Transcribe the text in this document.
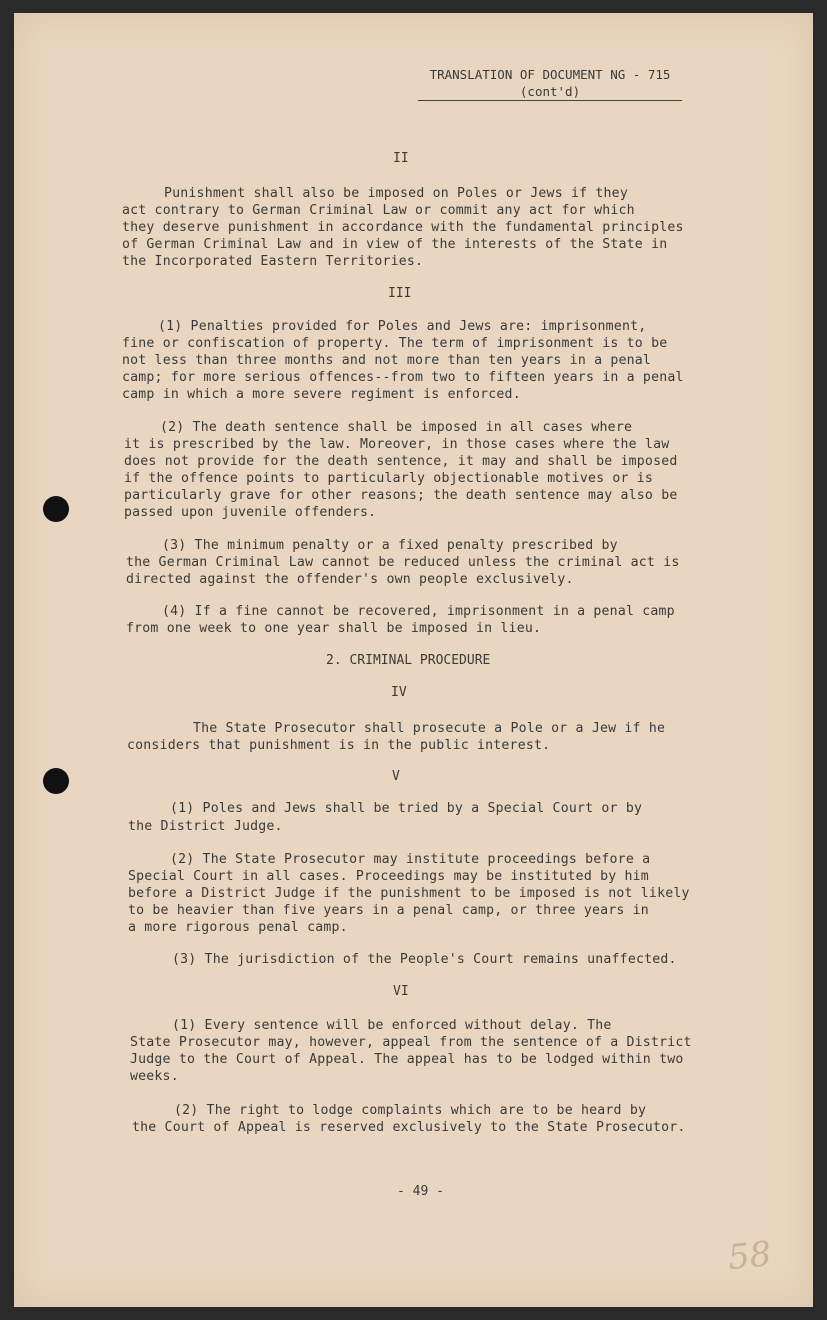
TRANSLATION OF DOCUMENT NG - 715
(cont'd)
II
Punishment shall also be imposed on Poles or Jews if they
act contrary to German Criminal Law or commit any act for which
they deserve punishment in accordance with the fundamental principles
of German Criminal Law and in view of the interests of the State in
the Incorporated Eastern Territories.
III
(1) Penalties provided for Poles and Jews are: imprisonment,
fine or confiscation of property. The term of imprisonment is to be
not less than three months and not more than ten years in a penal
camp; for more serious offences--from two to fifteen years in a penal
camp in which a more severe regiment is enforced.
(2) The death sentence shall be imposed in all cases where
it is prescribed by the law. Moreover, in those cases where the law
does not provide for the death sentence, it may and shall be imposed
if the offence points to particularly objectionable motives or is
particularly grave for other reasons; the death sentence may also be
passed upon juvenile offenders.
(3) The minimum penalty or a fixed penalty prescribed by
the German Criminal Law cannot be reduced unless the criminal act is
directed against the offender's own people exclusively.
(4) If a fine cannot be recovered, imprisonment in a penal camp
from one week to one year shall be imposed in lieu.
2. CRIMINAL PROCEDURE
IV
The State Prosecutor shall prosecute a Pole or a Jew if he
considers that punishment is in the public interest.
V
(1) Poles and Jews shall be tried by a Special Court or by
the District Judge.
(2) The State Prosecutor may institute proceedings before a
Special Court in all cases. Proceedings may be instituted by him
before a District Judge if the punishment to be imposed is not likely
to be heavier than five years in a penal camp, or three years in
a more rigorous penal camp.
(3) The jurisdiction of the People's Court remains unaffected.
VI
(1) Every sentence will be enforced without delay. The
State Prosecutor may, however, appeal from the sentence of a District
Judge to the Court of Appeal. The appeal has to be lodged within two
weeks.
(2) The right to lodge complaints which are to be heard by
the Court of Appeal is reserved exclusively to the State Prosecutor.
- 49 -
58
